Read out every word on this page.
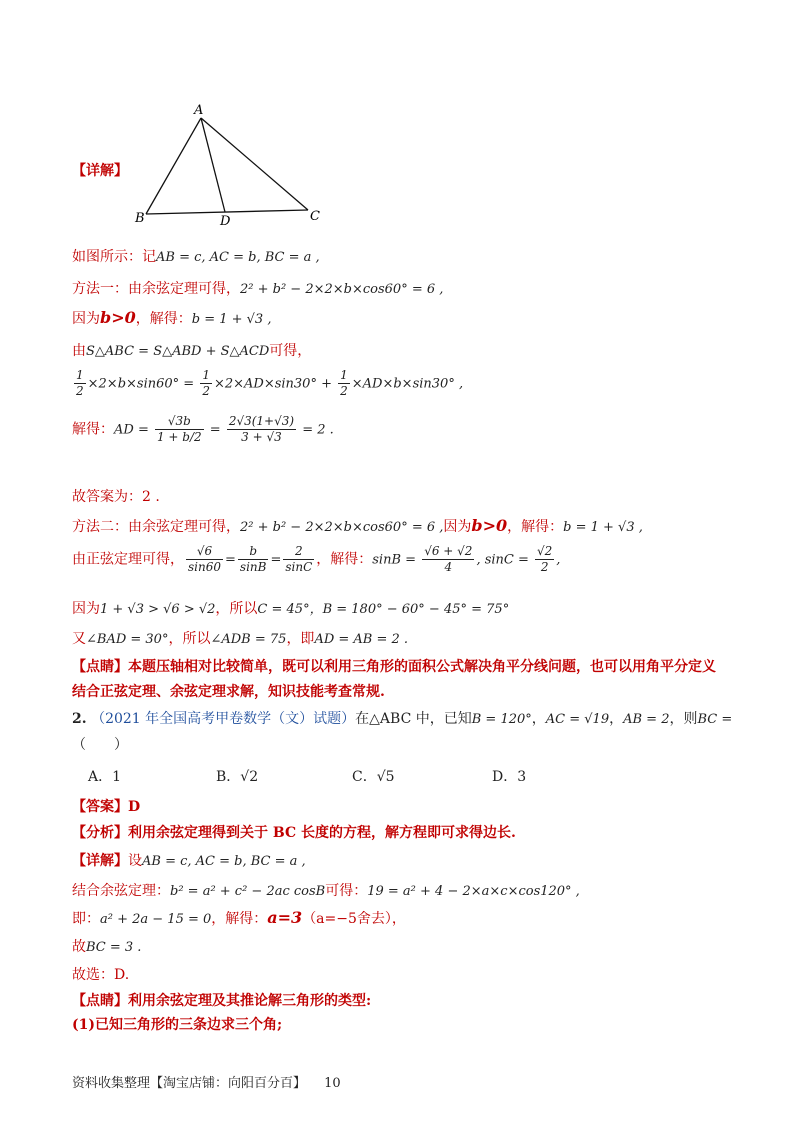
A
B	C
D
【详解】
如图所示：记AB = c, AC = b, BC = a ,
方法一：由余弦定理可得，2² + b² − 2×2×b×cos60° = 6 ,
因为b>0，解得：b = 1 + √3 ,
由S△ABC = S△ABD + S△ACD可得，
$\frac{1}{2} \times 2\times b\times\sin 60^\circ = \frac{1}{2} \times 2\times AD\times\sin 30^\circ + \frac{1}{2} \times AD\times b\times\sin 30^\circ$ ,
解得：AD = $\frac{√3b}{1 + b/2} = \frac{2√3(1+√3)}{3 + √3} = 2$ .
故答案为：2 .
方法二：由余弦定理可得，2² + b² − 2×2×b×cos60° = 6 ,因为b>0，解得：b = 1 + √3 ,
由正弦定理可得， $\frac{√6}{\sin 60} = \frac{b}{\sin B} = \frac{2}{\sin C}$ ，解得：$\sin B = \frac{√6 + √2}{4}$ , $\sin C = \frac{√2}{2}$ ,
因为1 + √3 > √6 > √2，所以C = 45°，B = 180° − 60° − 45° = 75°
又∠BAD = 30°，所以∠ADB = 75，即AD = AB = 2 .
【点睛】本题压轴相对比较简单，既可以利用三角形的面积公式解决角平分线问题，也可以用角平分定义
结合正弦定理、余弦定理求解，知识技能考查常规.
2. （2021 年全国高考甲卷数学（文）试题）在△ABC 中，已知B = 120°，AC = √19，AB = 2，则BC =
（　　）
A．1	B．√2	C．√5	D．3
【答案】D
【分析】利用余弦定理得到关于 BC 长度的方程，解方程即可求得边长.
【详解】设AB = c, AC = b, BC = a ,
结合余弦定理：b² = a² + c² − 2ac cosB可得：19 = a² + 4 − 2×a×c×cos120° ,
即：a² + 2a − 15 = 0，解得：a=3（a=−5舍去），
故BC = 3 .
故选：D.
【点睛】利用余弦定理及其推论解三角形的类型:
(1)已知三角形的三条边求三个角;
资料收集整理【淘宝店铺：向阳百分百】 10
